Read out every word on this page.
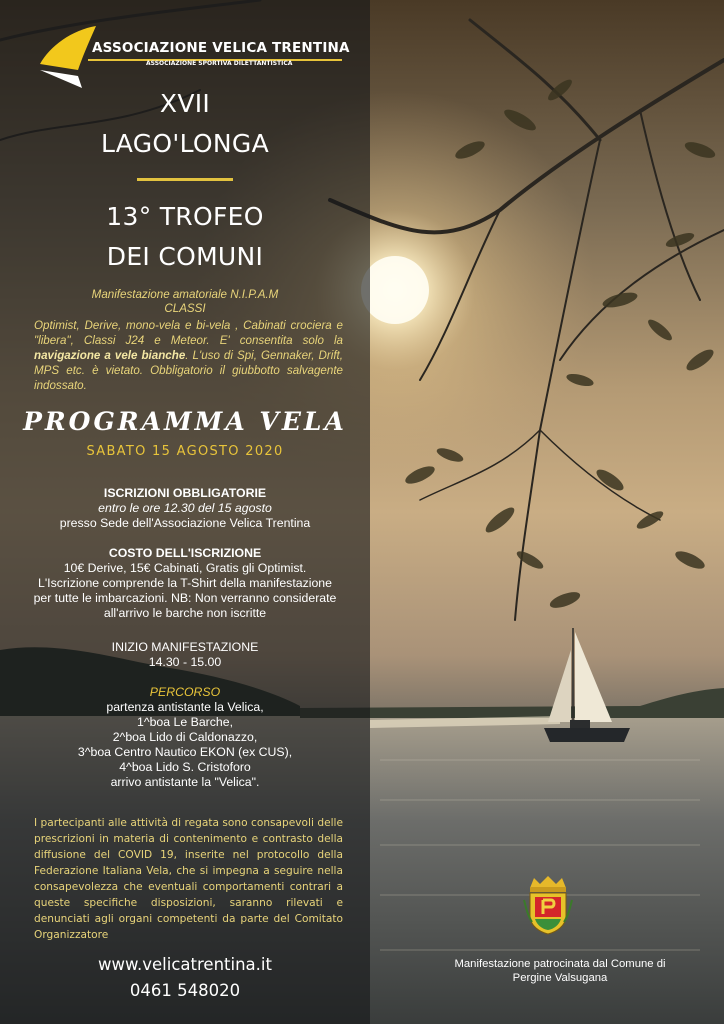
ASSOCIAZIONE VELICA TRENTINA
ASSOCIAZIONE SPORTIVA DILETTANTISTICA
XVII
LAGO'LONGA
13° TROFEO
DEI COMUNI
Manifestazione amatoriale N.I.P.A.M
CLASSI
Optimist, Derive, mono-vela e bi-vela , Cabinati crociera e "libera", Classi J24 e Meteor. E' consentita solo la navigazione a vele bianche. L'uso di Spi, Gennaker, Drift, MPS etc. è vietato. Obbligatorio il giubbotto salvagente indossato.
PROGRAMMA VELA
SABATO 15 AGOSTO 2020
ISCRIZIONI OBBLIGATORIE
entro le ore 12.30 del 15 agosto
presso Sede dell'Associazione Velica Trentina
COSTO DELL'ISCRIZIONE
10€ Derive, 15€ Cabinati, Gratis gli Optimist.
L'Iscrizione comprende la T-Shirt della manifestazione
per tutte le imbarcazioni. NB: Non verranno considerate
all'arrivo le barche non iscritte
INIZIO MANIFESTAZIONE
14.30 - 15.00
PERCORSO
partenza antistante la Velica,
1^boa Le Barche,
2^boa Lido di Caldonazzo,
3^boa Centro Nautico EKON (ex CUS),
4^boa Lido S. Cristoforo
arrivo antistante la "Velica".
I partecipanti alle attività di regata sono consapevoli delle prescrizioni in materia di contenimento e contrasto della diffusione del COVID 19, inserite nel protocollo della Federazione Italiana Vela, che si impegna a seguire nella consapevolezza che eventuali comportamenti contrari a queste specifiche disposizioni, saranno rilevati e denunciati agli organi competenti da parte del Comitato Organizzatore
www.velicatrentina.it
0461 548020
Manifestazione patrocinata dal Comune di
Pergine Valsugana
